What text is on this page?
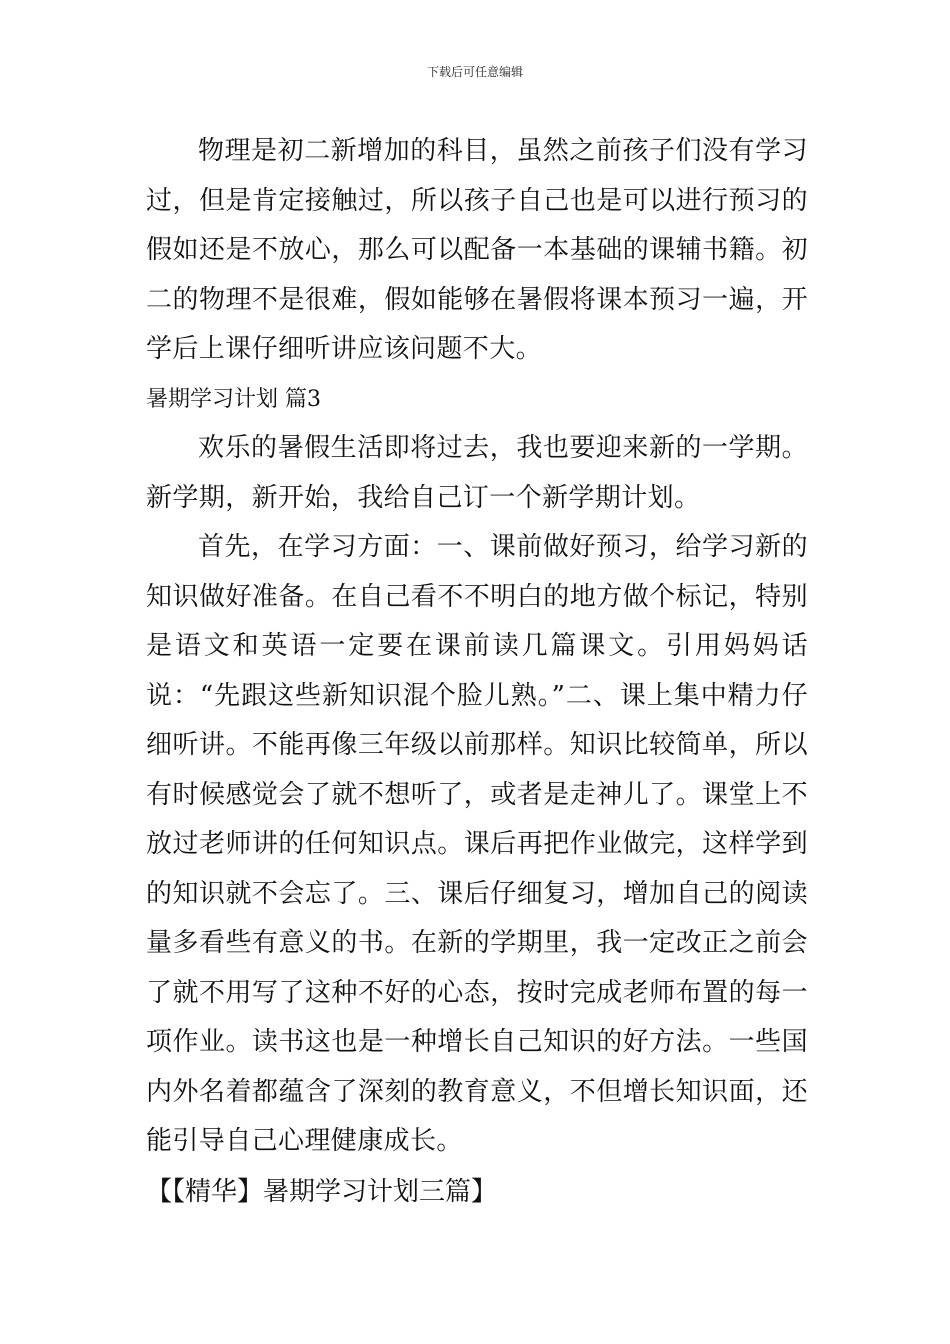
下载后可任意编辑

物理是初二新增加的科目，虽然之前孩子们没有学习过，但是肯定接触过，所以孩子自己也是可以进行预习的假如还是不放心，那么可以配备一本基础的课辅书籍。初二的物理不是很难，假如能够在暑假将课本预习一遍，开学后上课仔细听讲应该问题不大。

暑期学习计划 篇3

欢乐的暑假生活即将过去，我也要迎来新的一学期。新学期，新开始，我给自己订一个新学期计划。

首先，在学习方面：一、课前做好预习，给学习新的知识做好准备。在自己看不不明白的地方做个标记，特别是语文和英语一定要在课前读几篇课文。引用妈妈话说：“先跟这些新知识混个脸儿熟。”二、课上集中精力仔细听讲。不能再像三年级以前那样。知识比较简单，所以有时候感觉会了就不想听了，或者是走神儿了。课堂上不放过老师讲的任何知识点。课后再把作业做完，这样学到的知识就不会忘了。三、课后仔细复习，增加自己的阅读量多看些有意义的书。在新的学期里，我一定改正之前会了就不用写了这种不好的心态，按时完成老师布置的每一项作业。读书这也是一种增长自己知识的好方法。一些国内外名着都蕴含了深刻的教育意义，不但增长知识面，还能引导自己心理健康成长。

【【精华】暑期学习计划三篇】
